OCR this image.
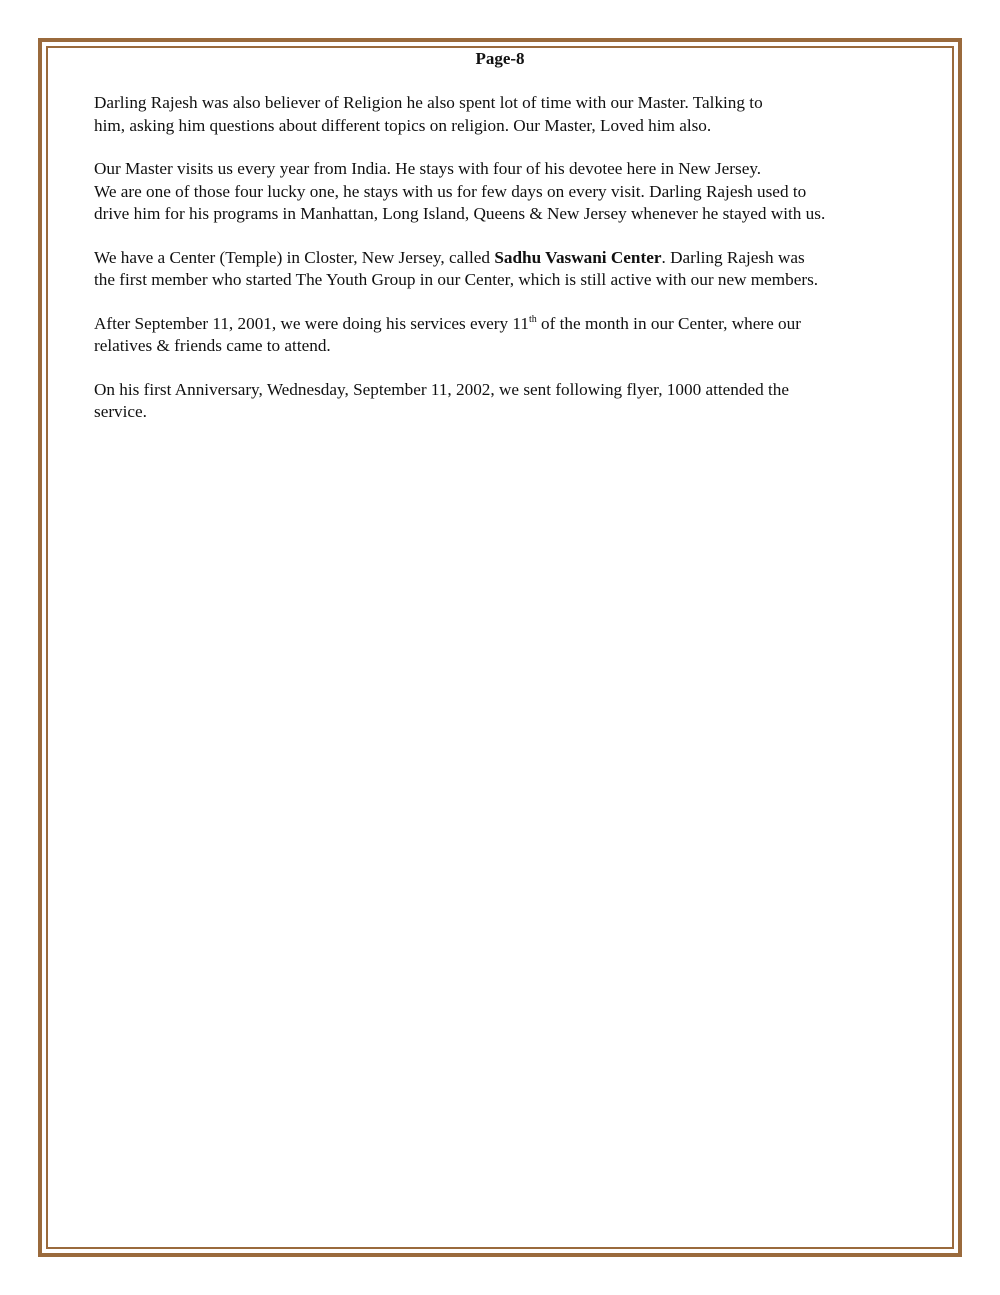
Page-8

Darling Rajesh was also believer of Religion he also spent lot of time with our Master. Talking to
him, asking him questions about different topics on religion. Our Master, Loved him also.

Our Master visits us every year from India. He stays with four of his devotee here in New Jersey.
We are one of those four lucky one, he stays with us for few days on every visit. Darling Rajesh used to
drive him for his programs in Manhattan, Long Island, Queens & New Jersey whenever he stayed with us.

We have a Center (Temple) in Closter, New Jersey, called Sadhu Vaswani Center. Darling Rajesh was
the first member who started The Youth Group in our Center, which is still active with our new members.

After September 11, 2001, we were doing his services every 11th of the month in our Center, where our
relatives & friends came to attend.

On his first Anniversary, Wednesday, September 11, 2002, we sent following flyer, 1000 attended the
service.
